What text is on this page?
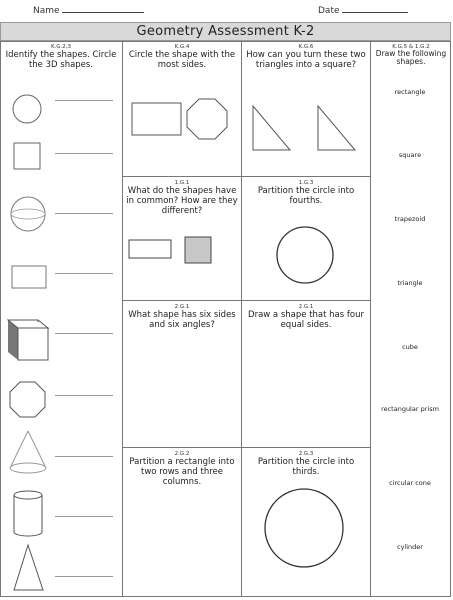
Name	Date
Geometry Assessment K-2
K.G.2,3
Identify the shapes. Circle the 3D shapes.
K.G.4
Circle the shape with the most sides.
K.G.6
How can you turn these two triangles into a square?
1.G.1
What do the shapes have in common? How are they different?
1.G.3
Partition the circle into fourths.
2.G.1
What shape has six sides and six angles?
2.G.1
Draw a shape that has four equal sides.
2.G.2
Partition a rectangle into two rows and three columns.
2.G.3
Partition the circle into thirds.
K.G.5 & 1.G.2
Draw the following shapes.
rectangle
square
trapezoid
triangle
cube
rectangular prism
circular cone
cylinder
